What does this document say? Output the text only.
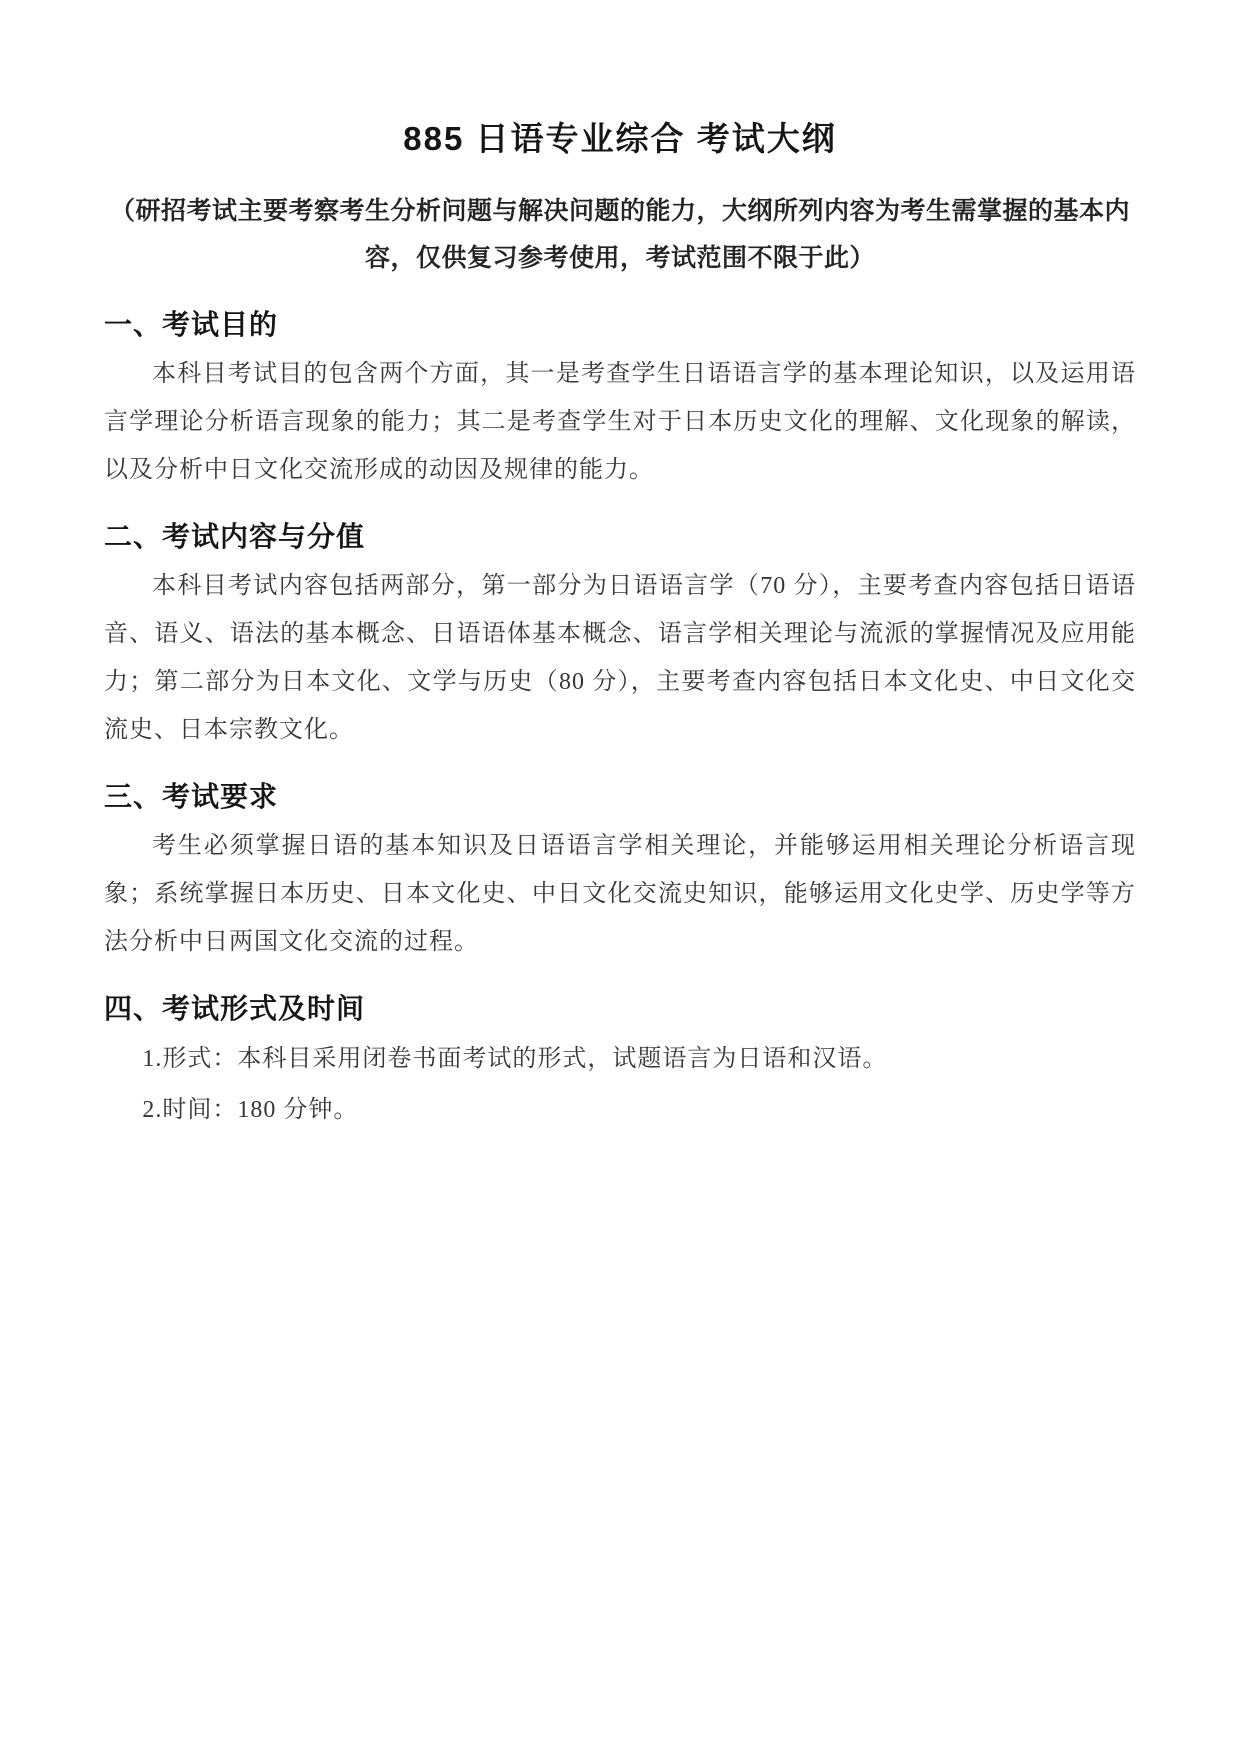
885 日语专业综合 考试大纲

（研招考试主要考察考生分析问题与解决问题的能力，大纲所列内容为考生需掌握的基本内容，仅供复习参考使用，考试范围不限于此）

一、考试目的

本科目考试目的包含两个方面，其一是考查学生日语语言学的基本理论知识，以及运用语言学理论分析语言现象的能力；其二是考查学生对于日本历史文化的理解、文化现象的解读，以及分析中日文化交流形成的动因及规律的能力。

二、考试内容与分值

本科目考试内容包括两部分，第一部分为日语语言学（70 分），主要考查内容包括日语语音、语义、语法的基本概念、日语语体基本概念、语言学相关理论与流派的掌握情况及应用能力；第二部分为日本文化、文学与历史（80 分），主要考查内容包括日本文化史、中日文化交流史、日本宗教文化。

三、考试要求

考生必须掌握日语的基本知识及日语语言学相关理论，并能够运用相关理论分析语言现象；系统掌握日本历史、日本文化史、中日文化交流史知识，能够运用文化史学、历史学等方法分析中日两国文化交流的过程。

四、考试形式及时间

1.形式：本科目采用闭卷书面考试的形式，试题语言为日语和汉语。

2.时间：180 分钟。
